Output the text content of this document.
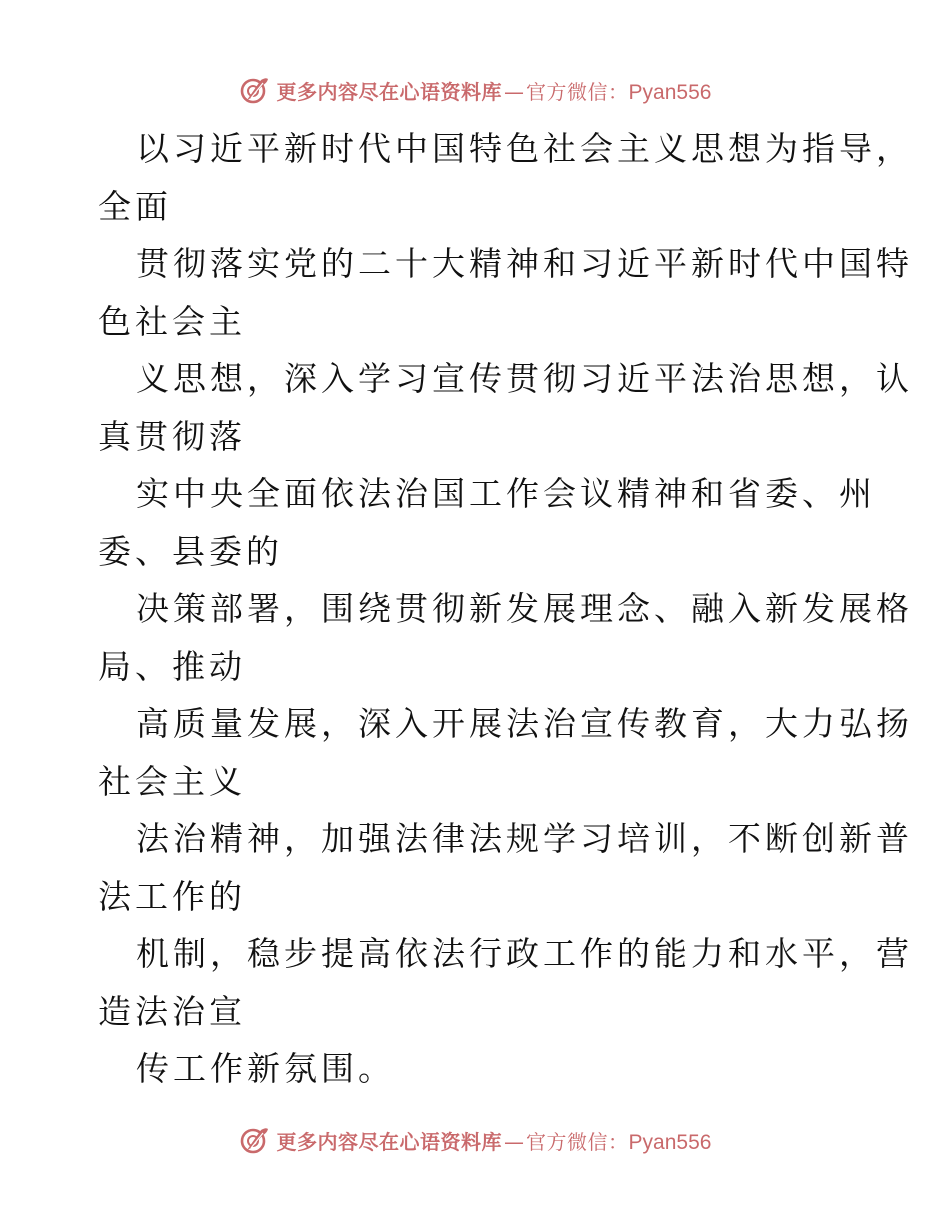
更多内容尽在心语资料库 — 官方微信： Pyan556
以习近平新时代中国特色社会主义思想为指导，
全面
贯彻落实党的二十大精神和习近平新时代中国特
色社会主
义思想，深入学习宣传贯彻习近平法治思想，认
真贯彻落
实中央全面依法治国工作会议精神和省委、州
委、县委的
决策部署，围绕贯彻新发展理念、融入新发展格
局、推动
高质量发展，深入开展法治宣传教育，大力弘扬
社会主义
法治精神，加强法律法规学习培训，不断创新普
法工作的
机制，稳步提高依法行政工作的能力和水平，营
造法治宣
传工作新氛围。
更多内容尽在心语资料库 — 官方微信： Pyan556
